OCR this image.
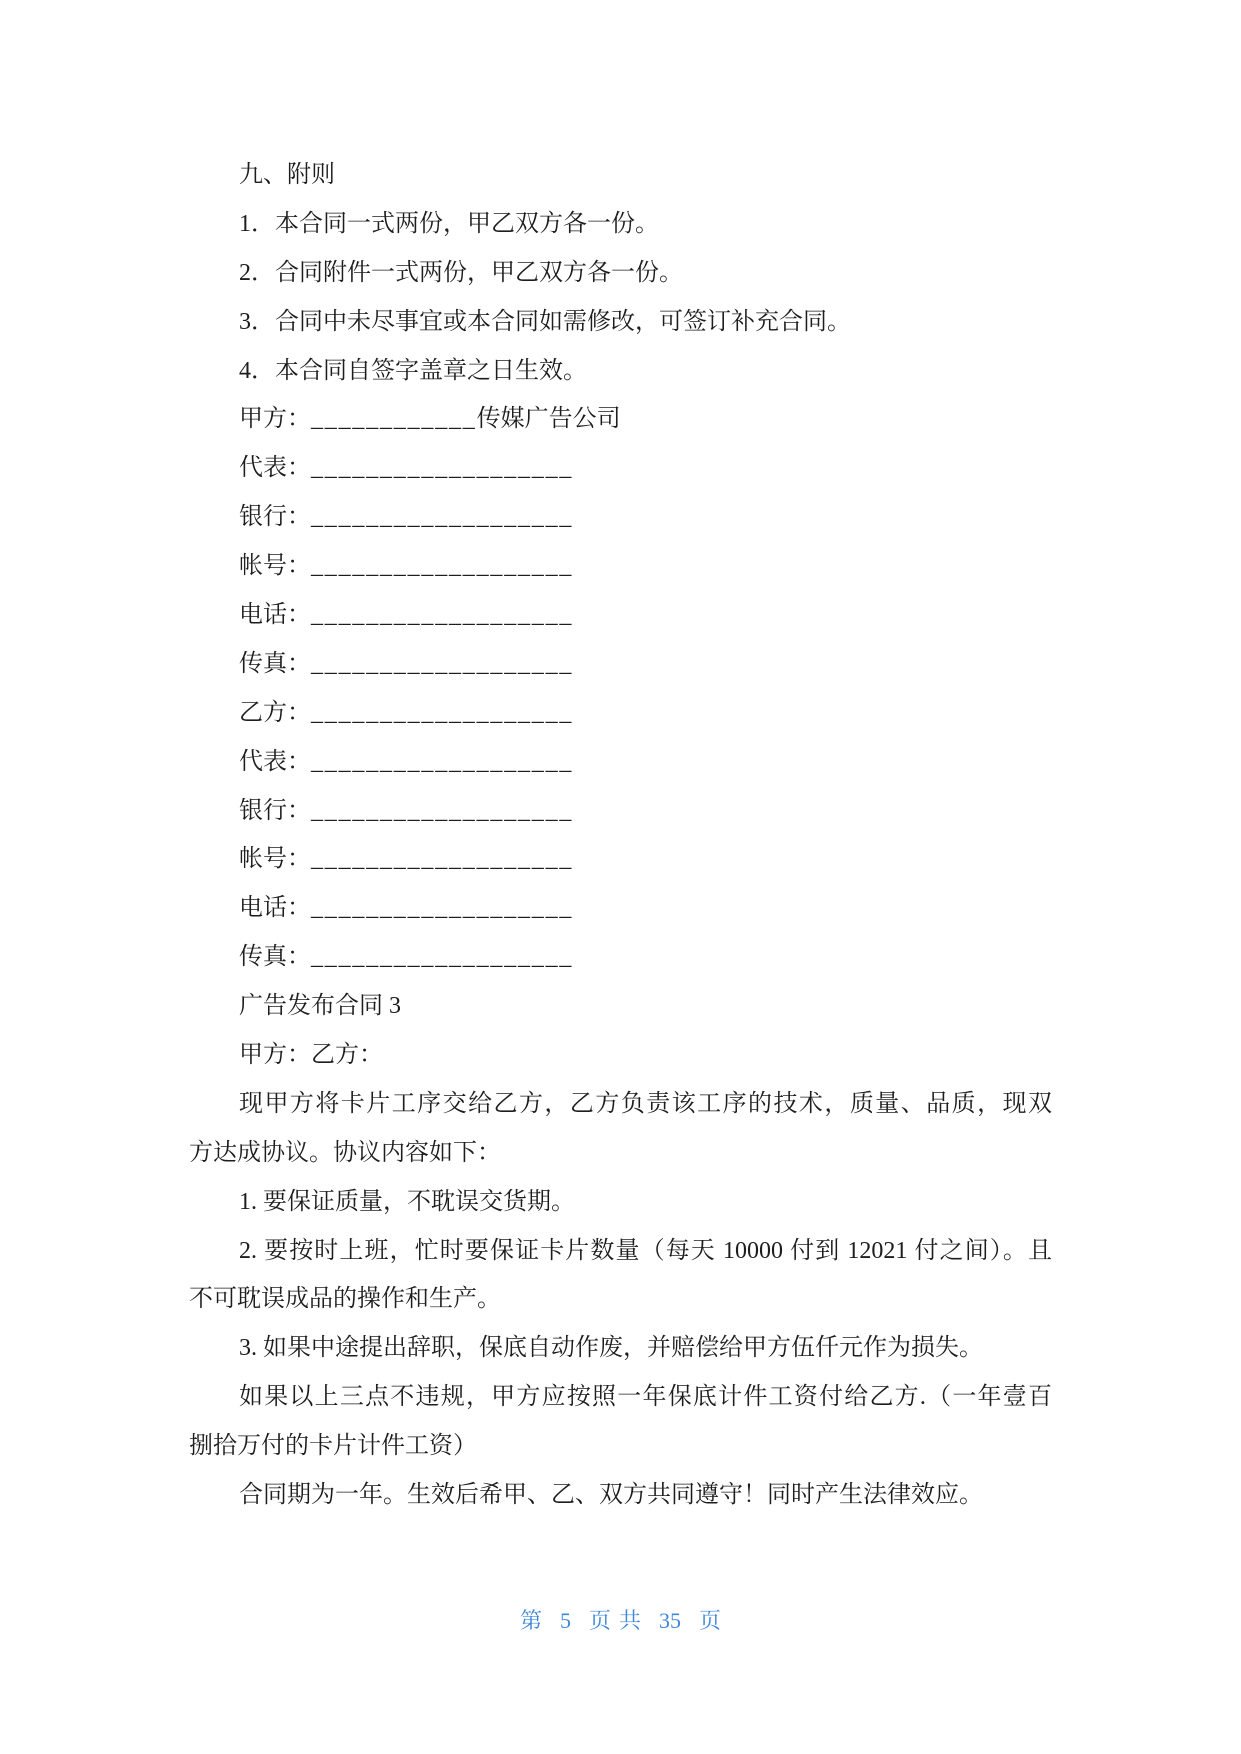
九、附则
1．本合同一式两份，甲乙双方各一份。
2．合同附件一式两份，甲乙双方各一份。
3．合同中未尽事宜或本合同如需修改，可签订补充合同。
4．本合同自签字盖章之日生效。
甲方：____________传媒广告公司
代表：___________________
银行：___________________
帐号：___________________
电话：___________________
传真：___________________
乙方：___________________
代表：___________________
银行：___________________
帐号：___________________
电话：___________________
传真：___________________
广告发布合同 3
甲方：乙方：
现甲方将卡片工序交给乙方，乙方负责该工序的技术，质量、品质，现双
方达成协议。协议内容如下：
1. 要保证质量，不耽误交货期。
2. 要按时上班，忙时要保证卡片数量（每天 10000 付到 12021 付之间）。且
不可耽误成品的操作和生产。
3. 如果中途提出辞职，保底自动作废，并赔偿给甲方伍仟元作为损失。
如果以上三点不违规，甲方应按照一年保底计件工资付给乙方.（一年壹百
捌拾万付的卡片计件工资）
合同期为一年。生效后希甲、乙、双方共同遵守！同时产生法律效应。
第 5 页 共 35 页
